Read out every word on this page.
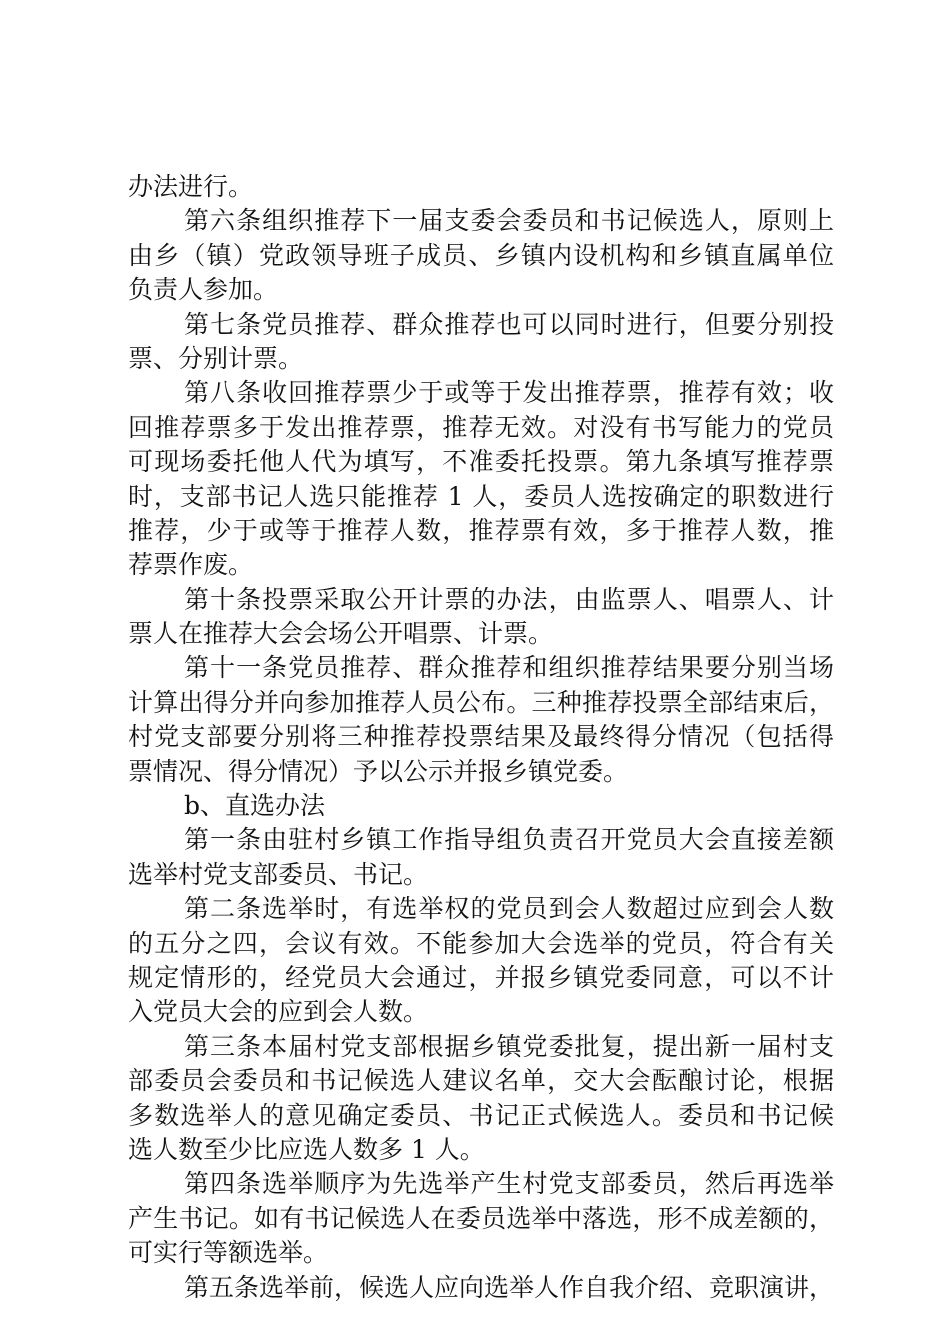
办法进行。
第六条组织推荐下一届支委会委员和书记候选人，原则上
由乡（镇）党政领导班子成员、乡镇内设机构和乡镇直属单位
负责人参加。
第七条党员推荐、群众推荐也可以同时进行，但要分别投
票、分别计票。
第八条收回推荐票少于或等于发出推荐票，推荐有效；收
回推荐票多于发出推荐票，推荐无效。对没有书写能力的党员
可现场委托他人代为填写，不准委托投票。第九条填写推荐票
时，支部书记人选只能推荐 1 人，委员人选按确定的职数进行
推荐，少于或等于推荐人数，推荐票有效，多于推荐人数，推
荐票作废。
第十条投票采取公开计票的办法，由监票人、唱票人、计
票人在推荐大会会场公开唱票、计票。
第十一条党员推荐、群众推荐和组织推荐结果要分别当场
计算出得分并向参加推荐人员公布。三种推荐投票全部结束后，
村党支部要分别将三种推荐投票结果及最终得分情况（包括得
票情况、得分情况）予以公示并报乡镇党委。
b、直选办法
第一条由驻村乡镇工作指导组负责召开党员大会直接差额
选举村党支部委员、书记。
第二条选举时，有选举权的党员到会人数超过应到会人数
的五分之四，会议有效。不能参加大会选举的党员，符合有关
规定情形的，经党员大会通过，并报乡镇党委同意，可以不计
入党员大会的应到会人数。
第三条本届村党支部根据乡镇党委批复，提出新一届村支
部委员会委员和书记候选人建议名单，交大会酝酿讨论，根据
多数选举人的意见确定委员、书记正式候选人。委员和书记候
选人数至少比应选人数多 1 人。
第四条选举顺序为先选举产生村党支部委员，然后再选举
产生书记。如有书记候选人在委员选举中落选，形不成差额的，
可实行等额选举。
第五条选举前，候选人应向选举人作自我介绍、竞职演讲，
